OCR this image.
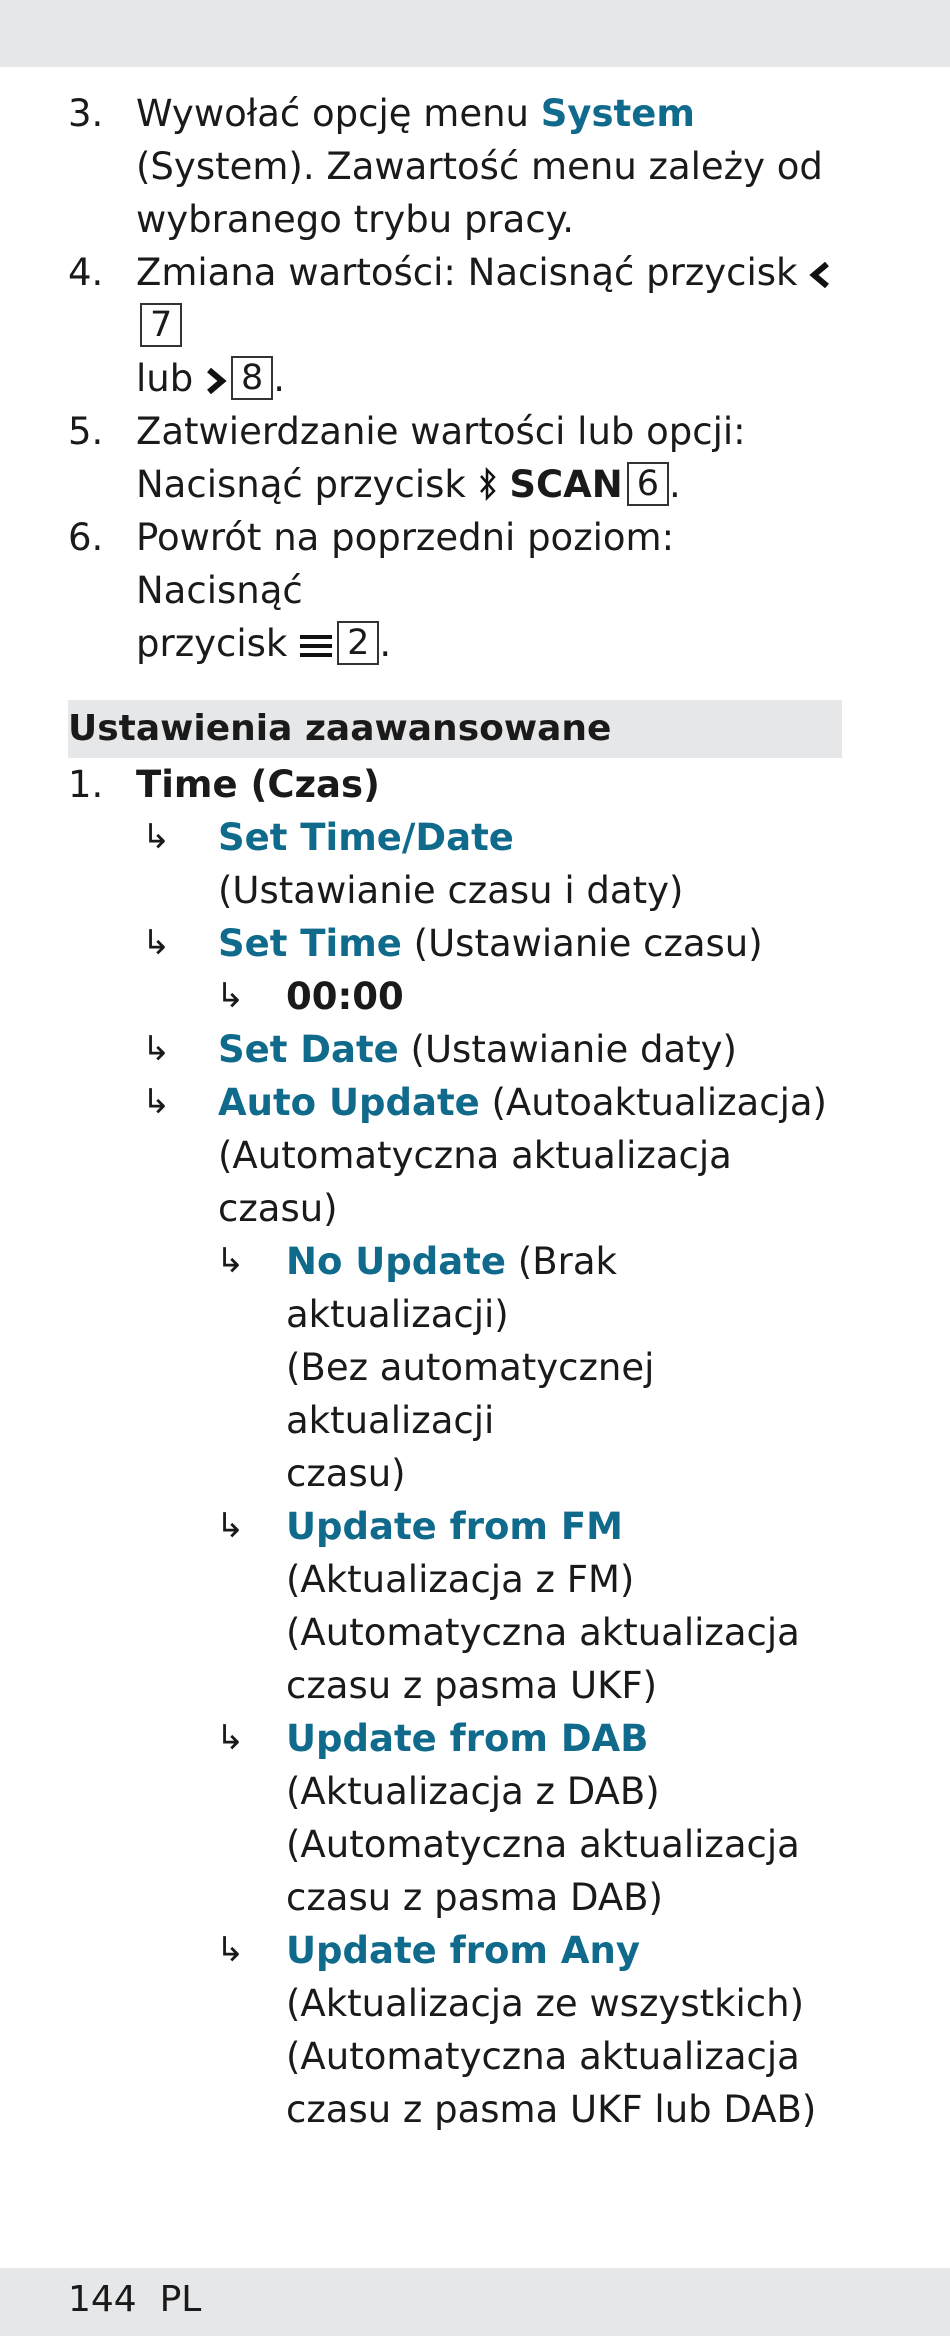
3. Wywołać opcję menu System (System). Zawartość menu zależy od wybranego trybu pracy.
4. Zmiana wartości: Nacisnąć przycisk 7
lub 8 .
5. Zatwierdzanie wartości lub opcji:
Nacisnąć przycisk SCAN 6 .
6. Powrót na poprzedni poziom: Nacisnąć
przycisk 2 .
Ustawienia zaawansowane
1. Time (Czas)
↳ Set Time/Date
(Ustawianie czasu i daty)
↳ Set Time (Ustawianie czasu)
↳ 00:00
↳ Set Date (Ustawianie daty)
↳ Auto Update (Autoaktualizacja)
(Automatyczna aktualizacja czasu)
↳ No Update (Brak aktualizacji)
(Bez automatycznej aktualizacji
czasu)
↳ Update from FM
(Aktualizacja z FM)
(Automatyczna aktualizacja
czasu z pasma UKF)
↳ Update from DAB
(Aktualizacja z DAB)
(Automatyczna aktualizacja
czasu z pasma DAB)
↳ Update from Any
(Aktualizacja ze wszystkich)
(Automatyczna aktualizacja
czasu z pasma UKF lub DAB)
144  PL
